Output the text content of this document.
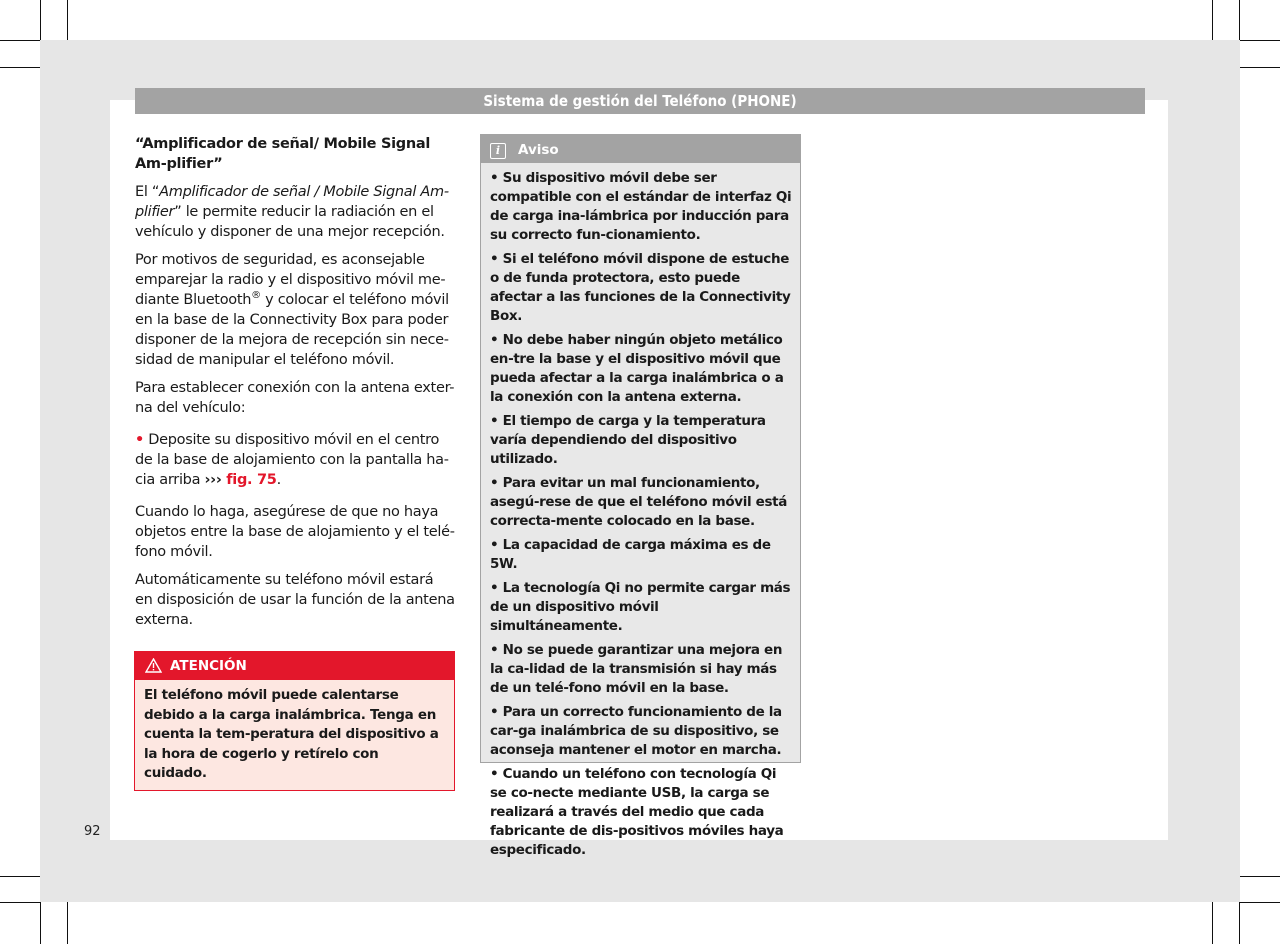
Sistema de gestión del Teléfono (PHONE)
“Amplificador de señal/ Mobile Signal Am-plifier”

El “Amplificador de señal / Mobile Signal Am-plifier” le permite reducir la radiación en el vehículo y disponer de una mejor recepción.

Por motivos de seguridad, es aconsejable emparejar la radio y el dispositivo móvil me-diante Bluetooth® y colocar el teléfono móvil en la base de la Connectivity Box para poder disponer de la mejora de recepción sin nece-sidad de manipular el teléfono móvil.

Para establecer conexión con la antena exter-na del vehículo:

• Deposite su dispositivo móvil en el centro de la base de alojamiento con la pantalla ha-cia arriba ››› fig. 75.

Cuando lo haga, asegúrese de que no haya objetos entre la base de alojamiento y el telé-fono móvil.

Automáticamente su teléfono móvil estará en disposición de usar la función de la antena externa.

ATENCIÓN
El teléfono móvil puede calentarse debido a la carga inalámbrica. Tenga en cuenta la tem-peratura del dispositivo a la hora de cogerlo y retírelo con cuidado.
i Aviso

• Su dispositivo móvil debe ser compatible con el estándar de interfaz Qi de carga ina-lámbrica por inducción para su correcto fun-cionamiento.

• Si el teléfono móvil dispone de estuche o de funda protectora, esto puede afectar a las funciones de la Connectivity Box.

• No debe haber ningún objeto metálico en-tre la base y el dispositivo móvil que pueda afectar a la carga inalámbrica o a la conexión con la antena externa.

• El tiempo de carga y la temperatura varía dependiendo del dispositivo utilizado.

• Para evitar un mal funcionamiento, asegú-rese de que el teléfono móvil está correcta-mente colocado en la base.

• La capacidad de carga máxima es de 5W.

• La tecnología Qi no permite cargar más de un dispositivo móvil simultáneamente.

• No se puede garantizar una mejora en la ca-lidad de la transmisión si hay más de un telé-fono móvil en la base.

• Para un correcto funcionamiento de la car-ga inalámbrica de su dispositivo, se aconseja mantener el motor en marcha.

• Cuando un teléfono con tecnología Qi se co-necte mediante USB, la carga se realizará a través del medio que cada fabricante de dis-positivos móviles haya especificado.

92
